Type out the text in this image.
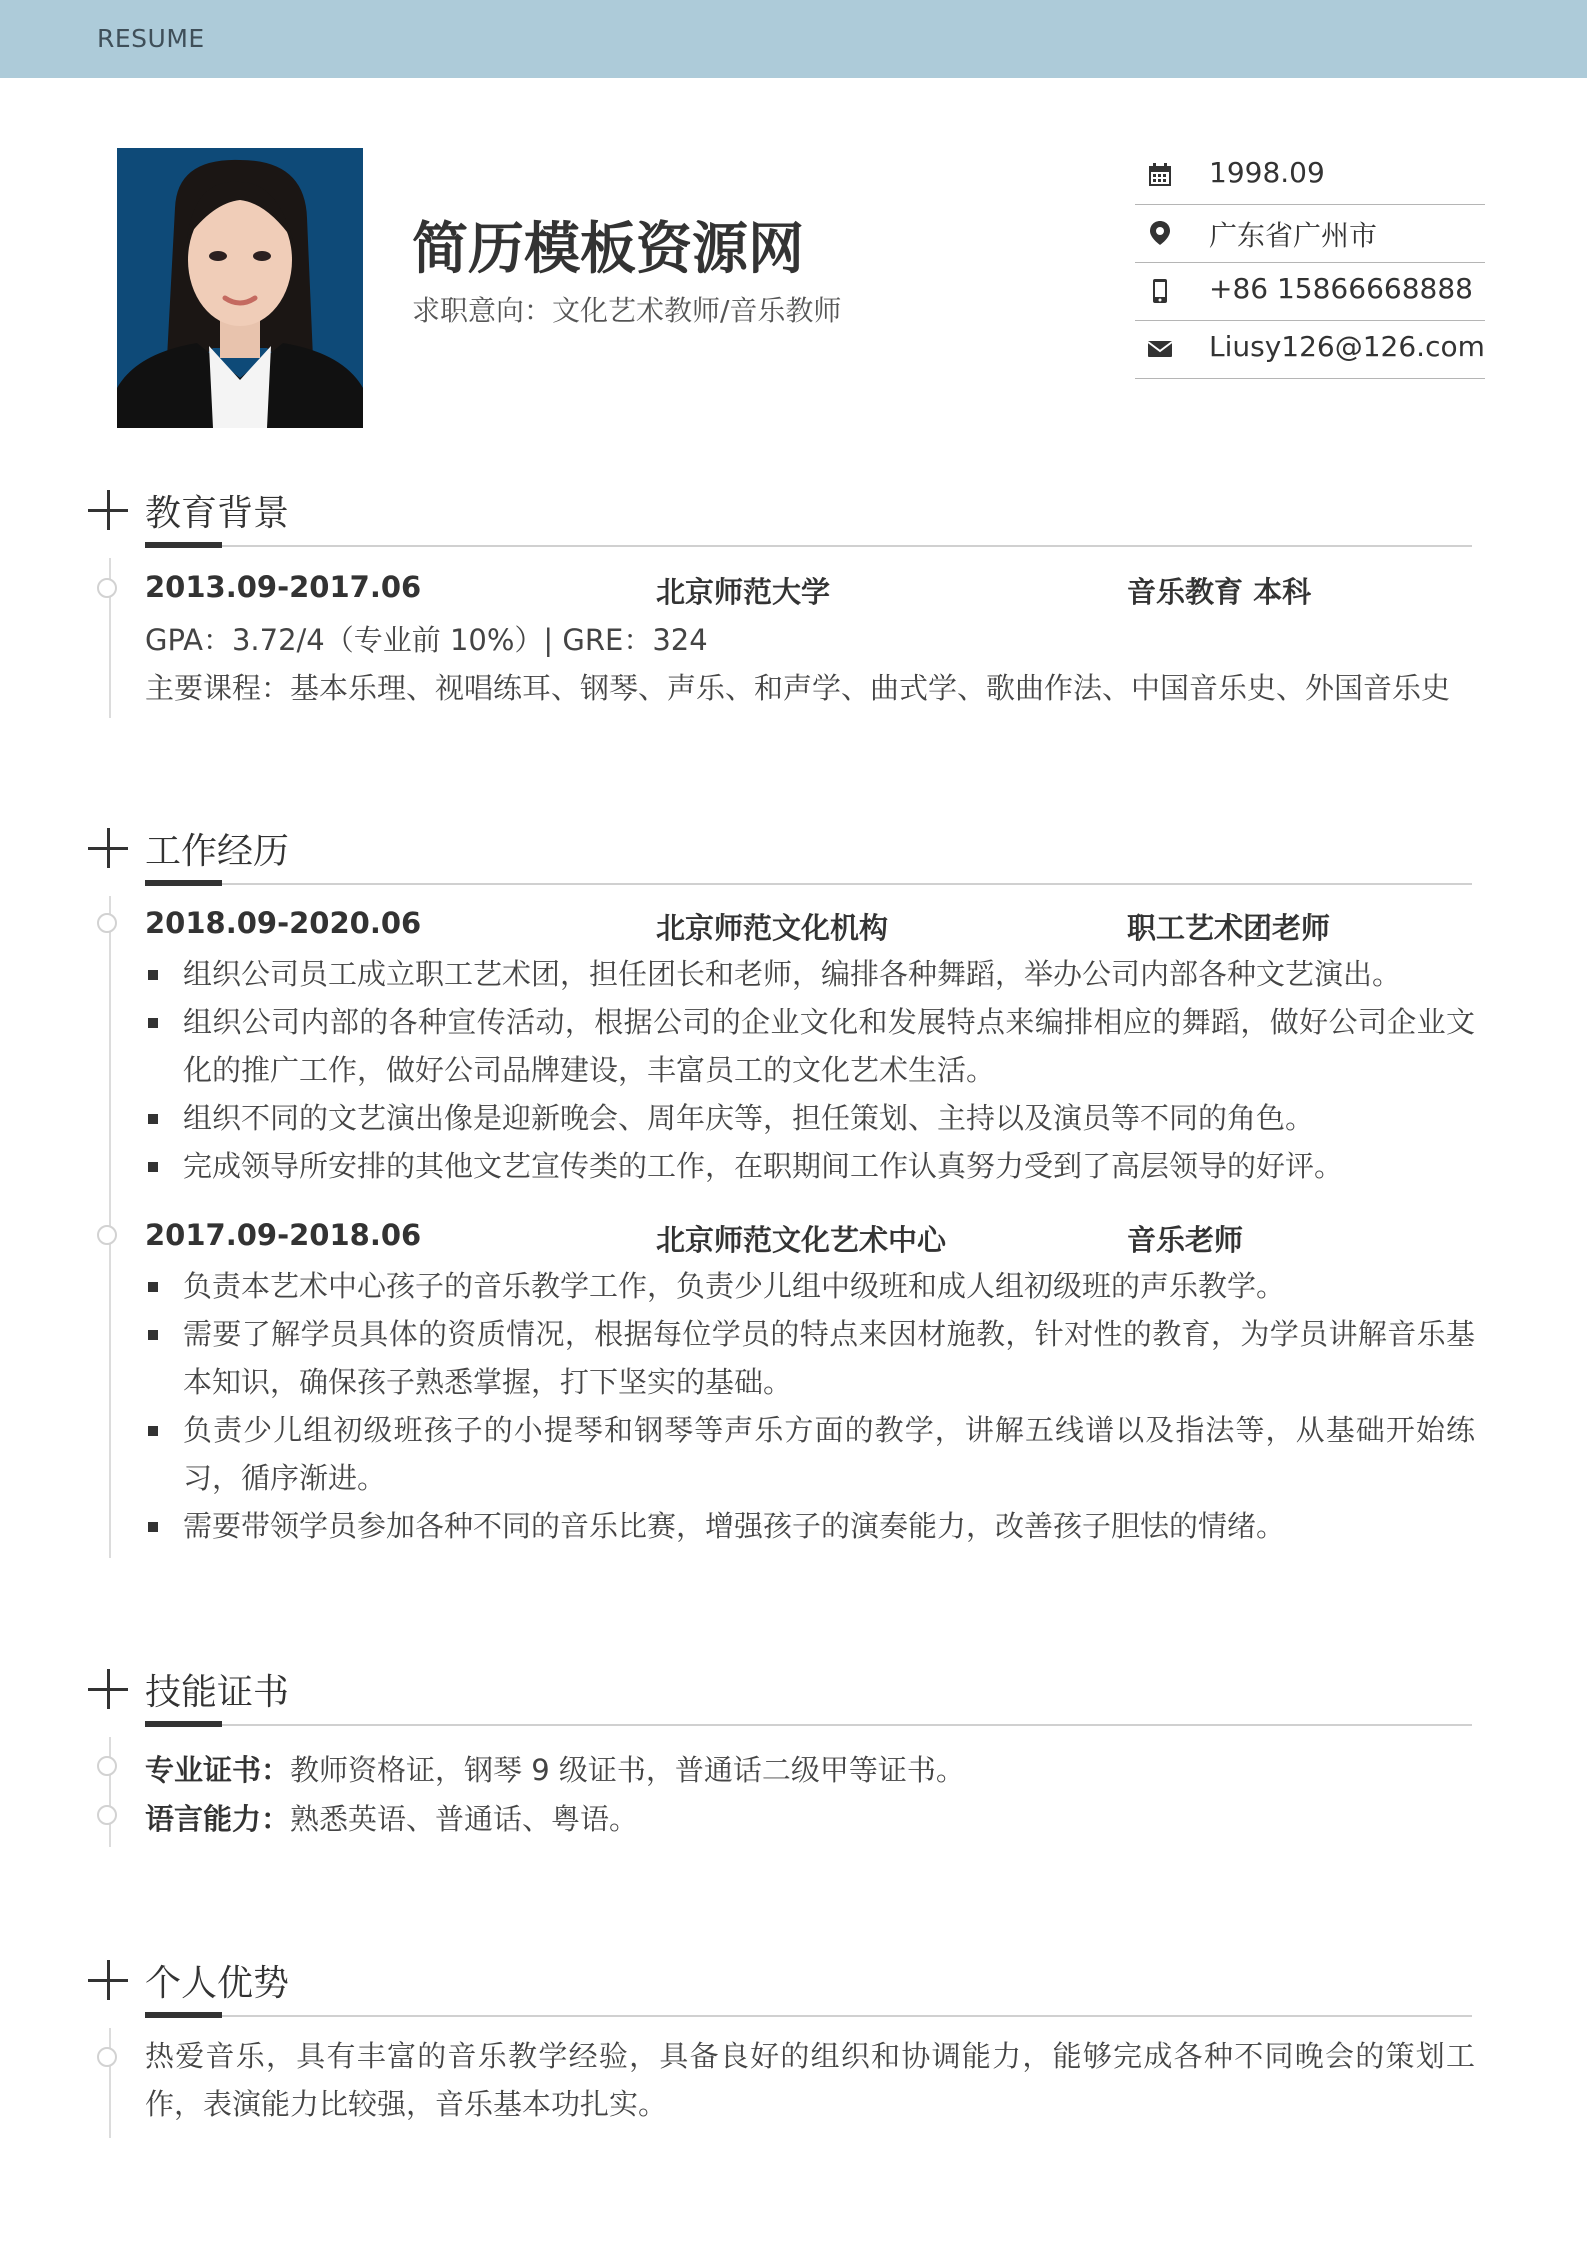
RESUME
简历模板资源网
求职意向：文化艺术教师/音乐教师
1998.09
广东省广州市
+86 15866668888
Liusy126@126.com
教育背景
2013.09-2017.06	北京师范大学	音乐教育 本科
GPA：3.72/4（专业前 10%）| GRE：324
主要课程：基本乐理、视唱练耳、钢琴、声乐、和声学、曲式学、歌曲作法、中国音乐史、外国音乐史
工作经历
2018.09-2020.06	北京师范文化机构	职工艺术团老师
组织公司员工成立职工艺术团，担任团长和老师，编排各种舞蹈，举办公司内部各种文艺演出。
组织公司内部的各种宣传活动，根据公司的企业文化和发展特点来编排相应的舞蹈，做好公司企业文化的推广工作，做好公司品牌建设，丰富员工的文化艺术生活。
组织不同的文艺演出像是迎新晚会、周年庆等，担任策划、主持以及演员等不同的角色。
完成领导所安排的其他文艺宣传类的工作，在职期间工作认真努力受到了高层领导的好评。
2017.09-2018.06	北京师范文化艺术中心	音乐老师
负责本艺术中心孩子的音乐教学工作，负责少儿组中级班和成人组初级班的声乐教学。
需要了解学员具体的资质情况，根据每位学员的特点来因材施教，针对性的教育，为学员讲解音乐基本知识，确保孩子熟悉掌握，打下坚实的基础。
负责少儿组初级班孩子的小提琴和钢琴等声乐方面的教学，讲解五线谱以及指法等，从基础开始练习，循序渐进。
需要带领学员参加各种不同的音乐比赛，增强孩子的演奏能力，改善孩子胆怯的情绪。
技能证书
专业证书：教师资格证，钢琴 9 级证书，普通话二级甲等证书。
语言能力：熟悉英语、普通话、粤语。
个人优势
热爱音乐，具有丰富的音乐教学经验，具备良好的组织和协调能力，能够完成各种不同晚会的策划工作，表演能力比较强，音乐基本功扎实。
